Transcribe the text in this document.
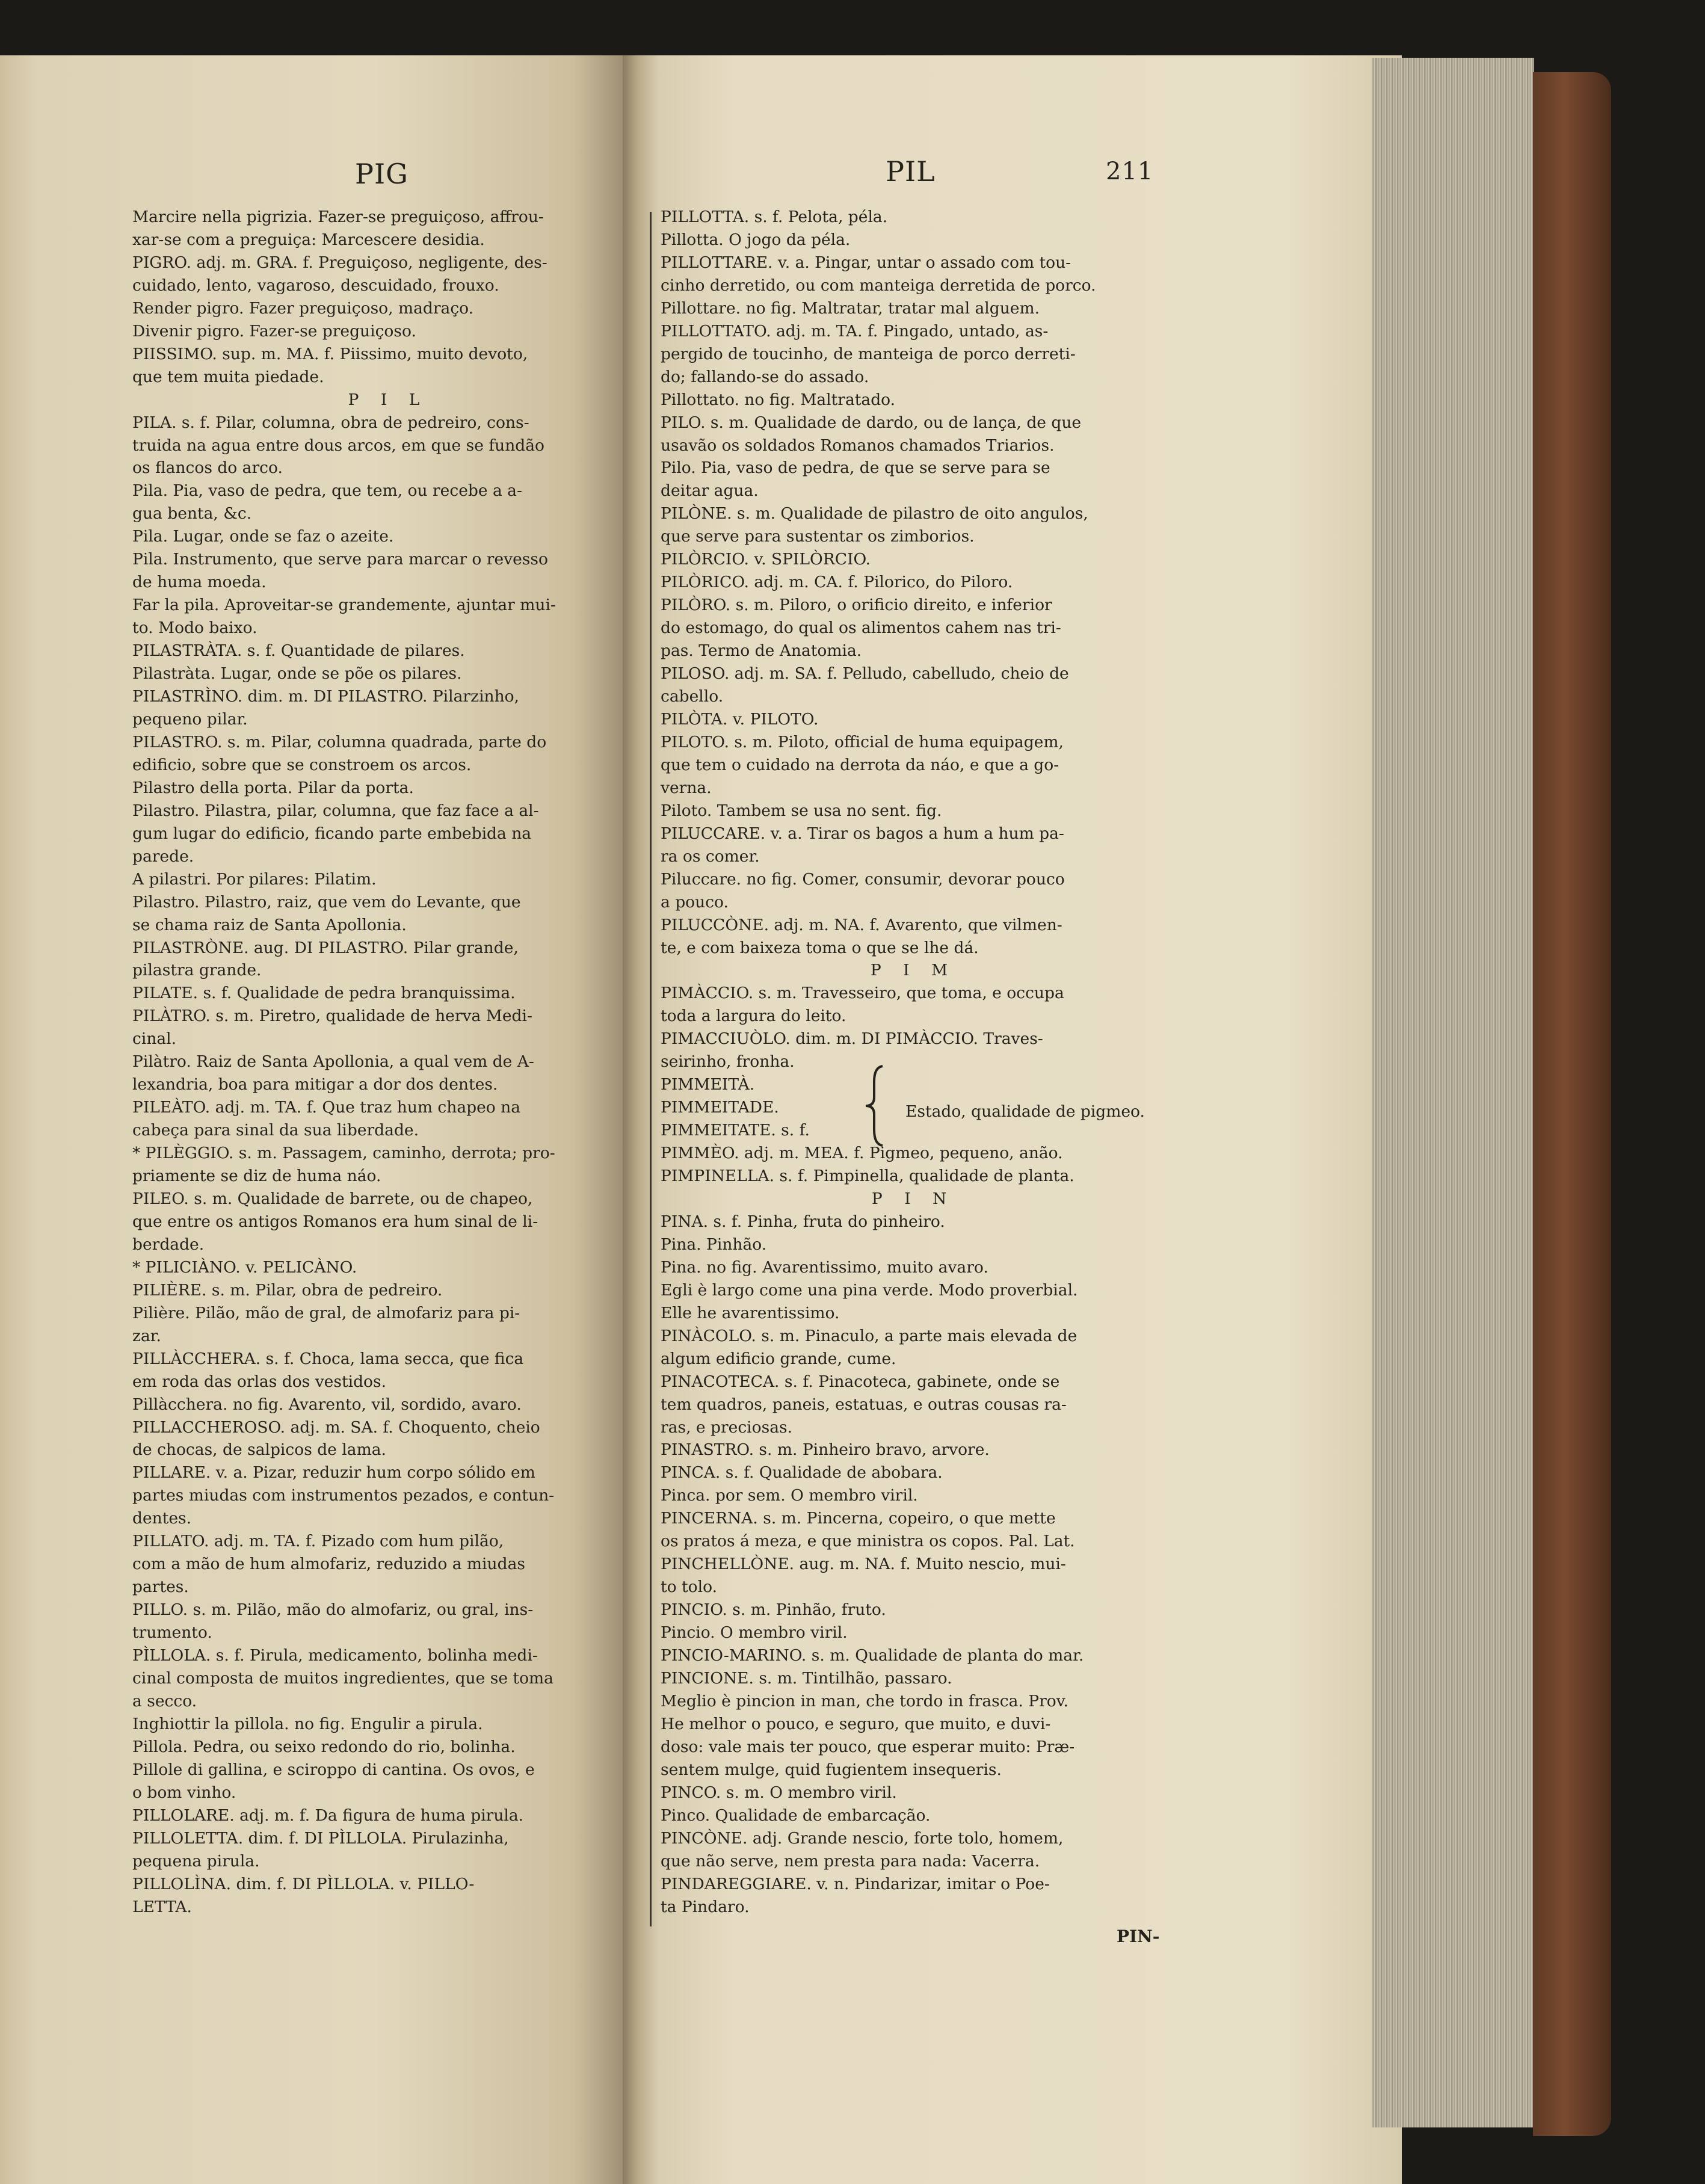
PIG	PIL	211

Marcire nella pigrizia. Fazer-se preguiçoso, affrou-

xar-se com a preguiça: Marcescere desidia.

PIGRO. adj. m. GRA. f. Preguiçoso, negligente, des-

cuidado, lento, vagaroso, descuidado, frouxo.

Render pigro. Fazer preguiçoso, madraço.

Divenir pigro. Fazer-se preguiçoso.

PIISSIMO. sup. m. MA. f. Piissimo, muito devoto,

que tem muita piedade.

P I L

PILA. s. f. Pilar, columna, obra de pedreiro, cons-

truida na agua entre dous arcos, em que se fundão

os flancos do arco.

Pila. Pia, vaso de pedra, que tem, ou recebe a a-

gua benta, &c.

Pila. Lugar, onde se faz o azeite.

Pila. Instrumento, que serve para marcar o revesso

de huma moeda.

Far la pila. Aproveitar-se grandemente, ajuntar mui-

to. Modo baixo.

PILASTRÀTA. s. f. Quantidade de pilares.

Pilastràta. Lugar, onde se põe os pilares.

PILASTRÌNO. dim. m. DI PILASTRO. Pilarzinho,

pequeno pilar.

PILASTRO. s. m. Pilar, columna quadrada, parte do

edificio, sobre que se constroem os arcos.

Pilastro della porta. Pilar da porta.

Pilastro. Pilastra, pilar, columna, que faz face a al-

gum lugar do edificio, ficando parte embebida na

parede.

A pilastri. Por pilares: Pilatim.

Pilastro. Pilastro, raiz, que vem do Levante, que

se chama raiz de Santa Apollonia.

PILASTRÒNE. aug. DI PILASTRO. Pilar grande,

pilastra grande.

PILATE. s. f. Qualidade de pedra branquissima.

PILÀTRO. s. m. Piretro, qualidade de herva Medi-

cinal.

Pilàtro. Raiz de Santa Apollonia, a qual vem de A-

lexandria, boa para mitigar a dor dos dentes.

PILEÀTO. adj. m. TA. f. Que traz hum chapeo na

cabeça para sinal da sua liberdade.

* PILÈGGIO. s. m. Passagem, caminho, derrota; pro-

priamente se diz de huma náo.

PILEO. s. m. Qualidade de barrete, ou de chapeo,

que entre os antigos Romanos era hum sinal de li-

berdade.

* PILICIÀNO. v. PELICÀNO.

PILIÈRE. s. m. Pilar, obra de pedreiro.

Pilière. Pilão, mão de gral, de almofariz para pi-

zar.

PILLÀCCHERA. s. f. Choca, lama secca, que fica

em roda das orlas dos vestidos.

Pillàcchera. no fig. Avarento, vil, sordido, avaro.

PILLACCHEROSO. adj. m. SA. f. Choquento, cheio

de chocas, de salpicos de lama.

PILLARE. v. a. Pizar, reduzir hum corpo sólido em

partes miudas com instrumentos pezados, e contun-

dentes.

PILLATO. adj. m. TA. f. Pizado com hum pilão,

com a mão de hum almofariz, reduzido a miudas

partes.

PILLO. s. m. Pilão, mão do almofariz, ou gral, ins-

trumento.

PÌLLOLA. s. f. Pirula, medicamento, bolinha medi-

cinal composta de muitos ingredientes, que se toma

a secco.

Inghiottir la pillola. no fig. Engulir a pirula.

Pillola. Pedra, ou seixo redondo do rio, bolinha.

Pillole di gallina, e sciroppo di cantina. Os ovos, e

o bom vinho.

PILLOLARE. adj. m. f. Da figura de huma pirula.

PILLOLETTA. dim. f. DI PÌLLOLA. Pirulazinha,

pequena pirula.

PILLOLÌNA. dim. f. DI PÌLLOLA. v. PILLO-

LETTA.

PILLOTTA. s. f. Pelota, péla.

Pillotta. O jogo da péla.

PILLOTTARE. v. a. Pingar, untar o assado com tou-

cinho derretido, ou com manteiga derretida de porco.

Pillottare. no fig. Maltratar, tratar mal alguem.

PILLOTTATO. adj. m. TA. f. Pingado, untado, as-

pergido de toucinho, de manteiga de porco derreti-

do; fallando-se do assado.

Pillottato. no fig. Maltratado.

PILO. s. m. Qualidade de dardo, ou de lança, de que

usavão os soldados Romanos chamados Triarios.

Pilo. Pia, vaso de pedra, de que se serve para se

deitar agua.

PILÒNE. s. m. Qualidade de pilastro de oito angulos,

que serve para sustentar os zimborios.

PILÒRCIO. v. SPILÒRCIO.

PILÒRICO. adj. m. CA. f. Pilorico, do Piloro.

PILÒRO. s. m. Piloro, o orificio direito, e inferior

do estomago, do qual os alimentos cahem nas tri-

pas. Termo de Anatomia.

PILOSO. adj. m. SA. f. Pelludo, cabelludo, cheio de

cabello.

PILÒTA. v. PILOTO.

PILOTO. s. m. Piloto, official de huma equipagem,

que tem o cuidado na derrota da náo, e que a go-

verna.

Piloto. Tambem se usa no sent. fig.

PILUCCARE. v. a. Tirar os bagos a hum a hum pa-

ra os comer.

Piluccare. no fig. Comer, consumir, devorar pouco

a pouco.

PILUCCÒNE. adj. m. NA. f. Avarento, que vilmen-

te, e com baixeza toma o que se lhe dá.

P I M

PIMÀCCIO. s. m. Travesseiro, que toma, e occupa

toda a largura do leito.

PIMACCIUÒLO. dim. m. DI PIMÀCCIO. Traves-

seirinho, fronha.

PIMMEITÀ.

PIMMEITADE.

PIMMEITATE. s. f.

PIMMÈO. adj. m. MEA. f. Pigmeo, pequeno, anão.

PIMPINELLA. s. f. Pimpinella, qualidade de planta.

P I N

PINA. s. f. Pinha, fruta do pinheiro.

Pina. Pinhão.

Pina. no fig. Avarentissimo, muito avaro.

Egli è largo come una pina verde. Modo proverbial.

Elle he avarentissimo.

PINÀCOLO. s. m. Pinaculo, a parte mais elevada de

algum edificio grande, cume.

PINACOTECA. s. f. Pinacoteca, gabinete, onde se

tem quadros, paneis, estatuas, e outras cousas ra-

ras, e preciosas.

PINASTRO. s. m. Pinheiro bravo, arvore.

PINCA. s. f. Qualidade de abobara.

Pinca. por sem. O membro viril.

PINCERNA. s. m. Pincerna, copeiro, o que mette

os pratos á meza, e que ministra os copos. Pal. Lat.

PINCHELLÒNE. aug. m. NA. f. Muito nescio, mui-

to tolo.

PINCIO. s. m. Pinhão, fruto.

Pincio. O membro viril.

PINCIO-MARINO. s. m. Qualidade de planta do mar.

PINCIONE. s. m. Tintilhão, passaro.

Meglio è pincion in man, che tordo in frasca. Prov.

He melhor o pouco, e seguro, que muito, e duvi-

doso: vale mais ter pouco, que esperar muito: Præ-

sentem mulge, quid fugientem insequeris.

PINCO. s. m. O membro viril.

Pinco. Qualidade de embarcação.

PINCÒNE. adj. Grande nescio, forte tolo, homem,

que não serve, nem presta para nada: Vacerra.

PINDAREGGIARE. v. n. Pindarizar, imitar o Poe-

ta Pindaro.

Estado, qualidade de pigmeo.
PIN-
